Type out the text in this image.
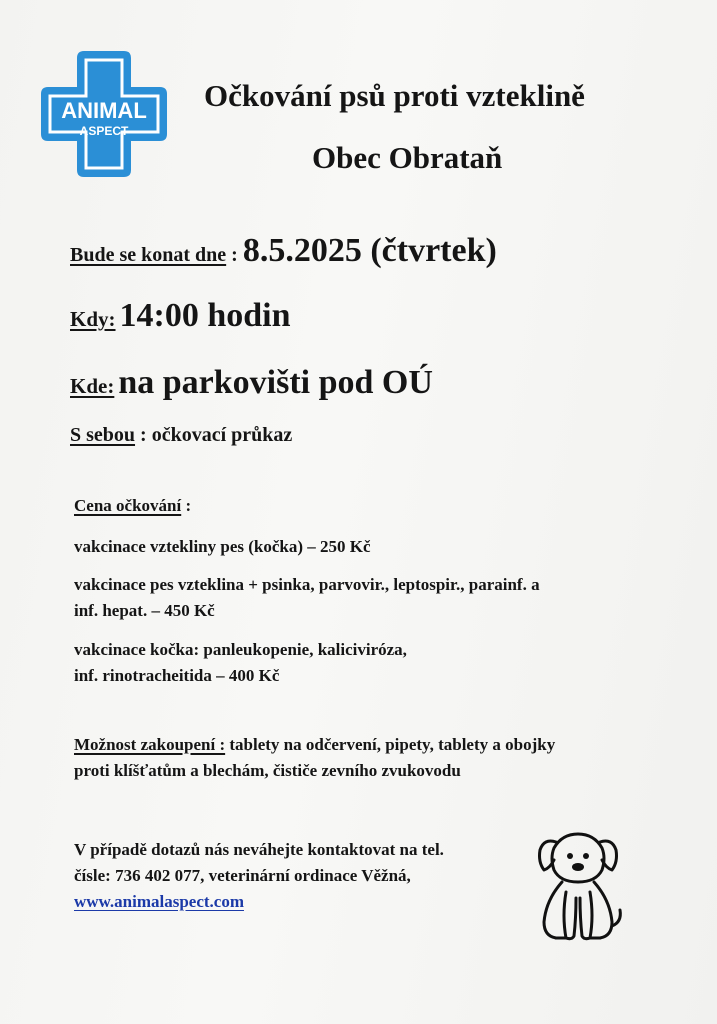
ANIMAL
ASPECT
Očkování psů proti vzteklině
Obec Obrataň
Bude se konat dne : 8.5.2025 (čtvrtek)
Kdy: 14:00 hodin
Kde: na parkovišti pod OÚ
S sebou : očkovací průkaz
Cena očkování :
vakcinace vztekliny pes (kočka) – 250 Kč
vakcinace pes vzteklina + psinka, parvovir., leptospir., parainf. a
inf. hepat. – 450 Kč
vakcinace kočka: panleukopenie, kaliciviróza,
inf. rinotracheitida – 400 Kč
Možnost zakoupení : tablety na odčervení, pipety, tablety a obojky
proti klíšťatům a blechám, čističe zevního zvukovodu
V případě dotazů nás neváhejte kontaktovat na tel.
čísle: 736 402 077, veterinární ordinace Věžná,
www.animalaspect.com
